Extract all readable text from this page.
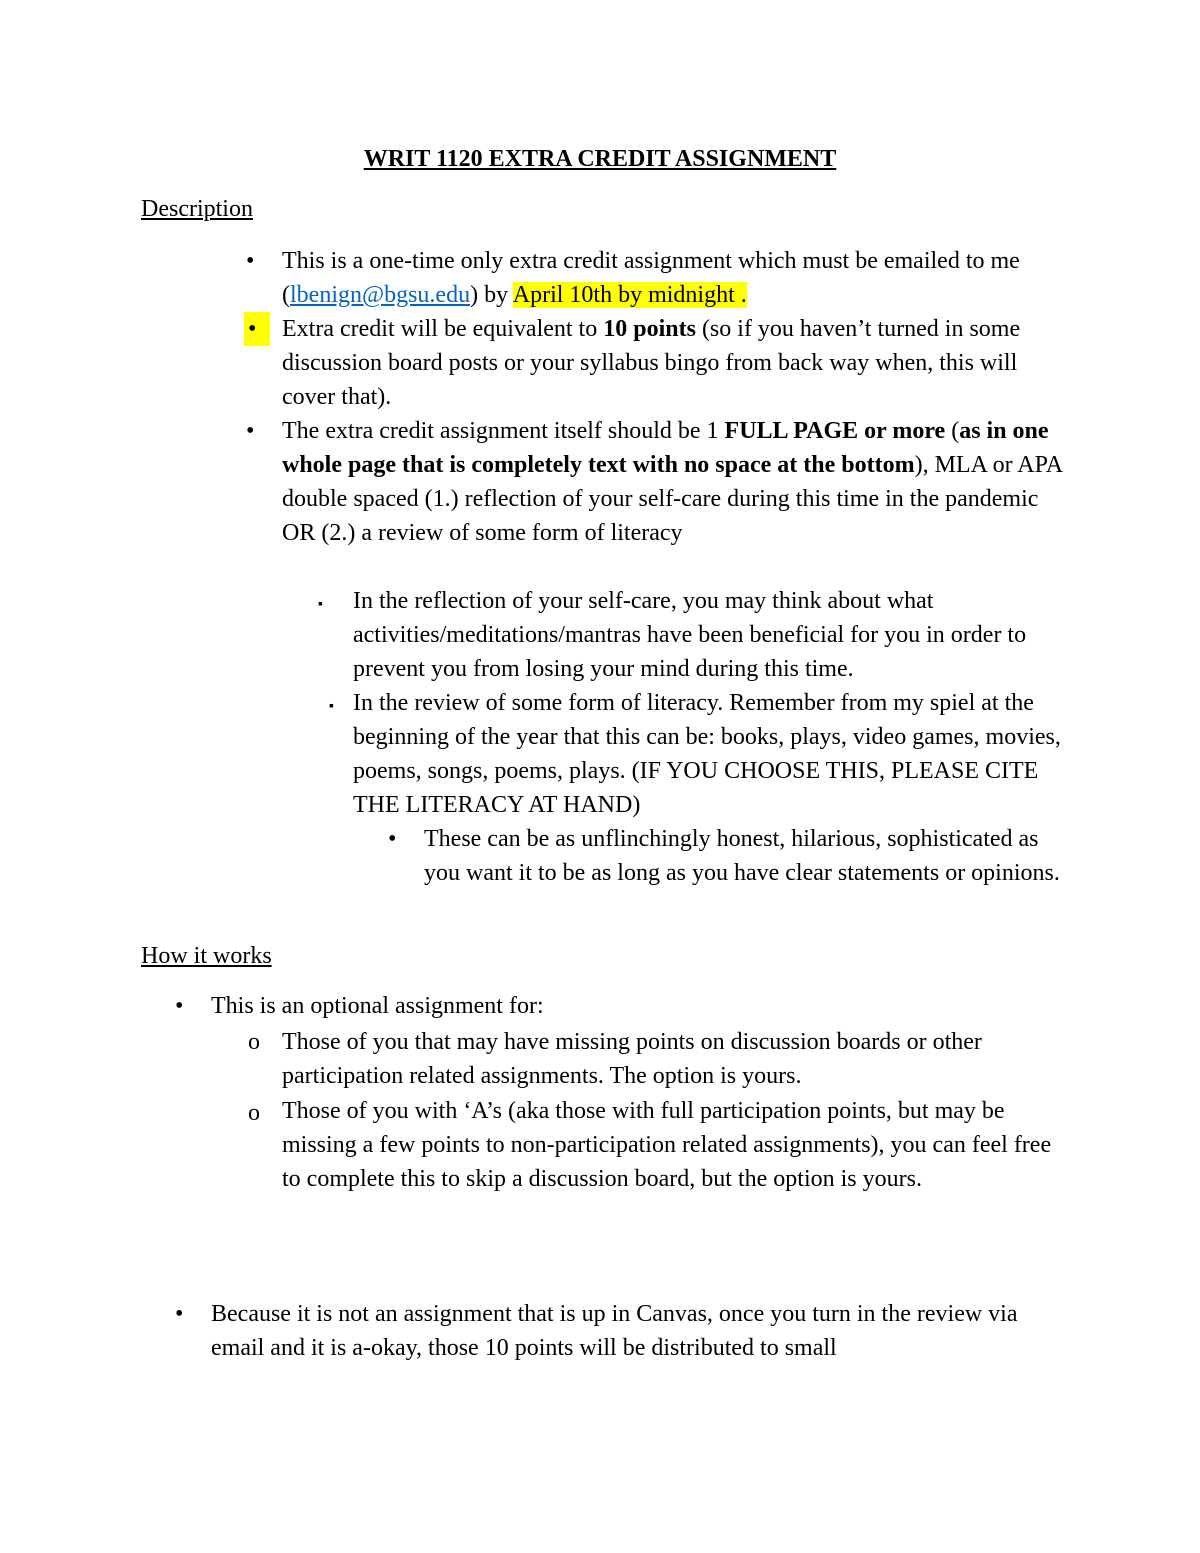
WRIT 1120 EXTRA CREDIT ASSIGNMENT
Description
• This is a one-time only extra credit assignment which must be emailed to me (lbenign@bgsu.edu) by April 10th by midnight .

•	Extra credit will be equivalent to 10 points (so if you haven’t turned in some discussion board posts or your syllabus bingo from back way when, this will cover that).

• The extra credit assignment itself should be 1 FULL PAGE or more (as in one whole page that is completely text with no space at the bottom), MLA or APA double spaced (1.) reflection of your self-care during this time in the pandemic OR (2.) a review of some form of literacy

$_▪$ In the reflection of your self-care, you may think about what activities/meditations/mantras have been beneficial for you in order to prevent you from losing your mind during this time.

$_▪$ In the review of some form of literacy. Remember from my spiel at the beginning of the year that this can be: books, plays, video games, movies, poems, songs, poems, plays. (IF YOU CHOOSE THIS, PLEASE CITE THE LITERACY AT HAND)

• These can be as unflinchingly honest, hilarious, sophisticated as you want it to be as long as you have clear statements or opinions.

How it works
• This is an optional assignment for:

o Those of you that may have missing points on discussion boards or other participation related assignments. The option is yours.

o Those of you with ‘A’s (aka those with full participation points, but may be missing a few points to non-participation related assignments), you can feel free to complete this to skip a discussion board, but the option is yours.

• Because it is not an assignment that is up in Canvas, once you turn in the review via email and it is a-okay, those 10 points will be distributed to small
